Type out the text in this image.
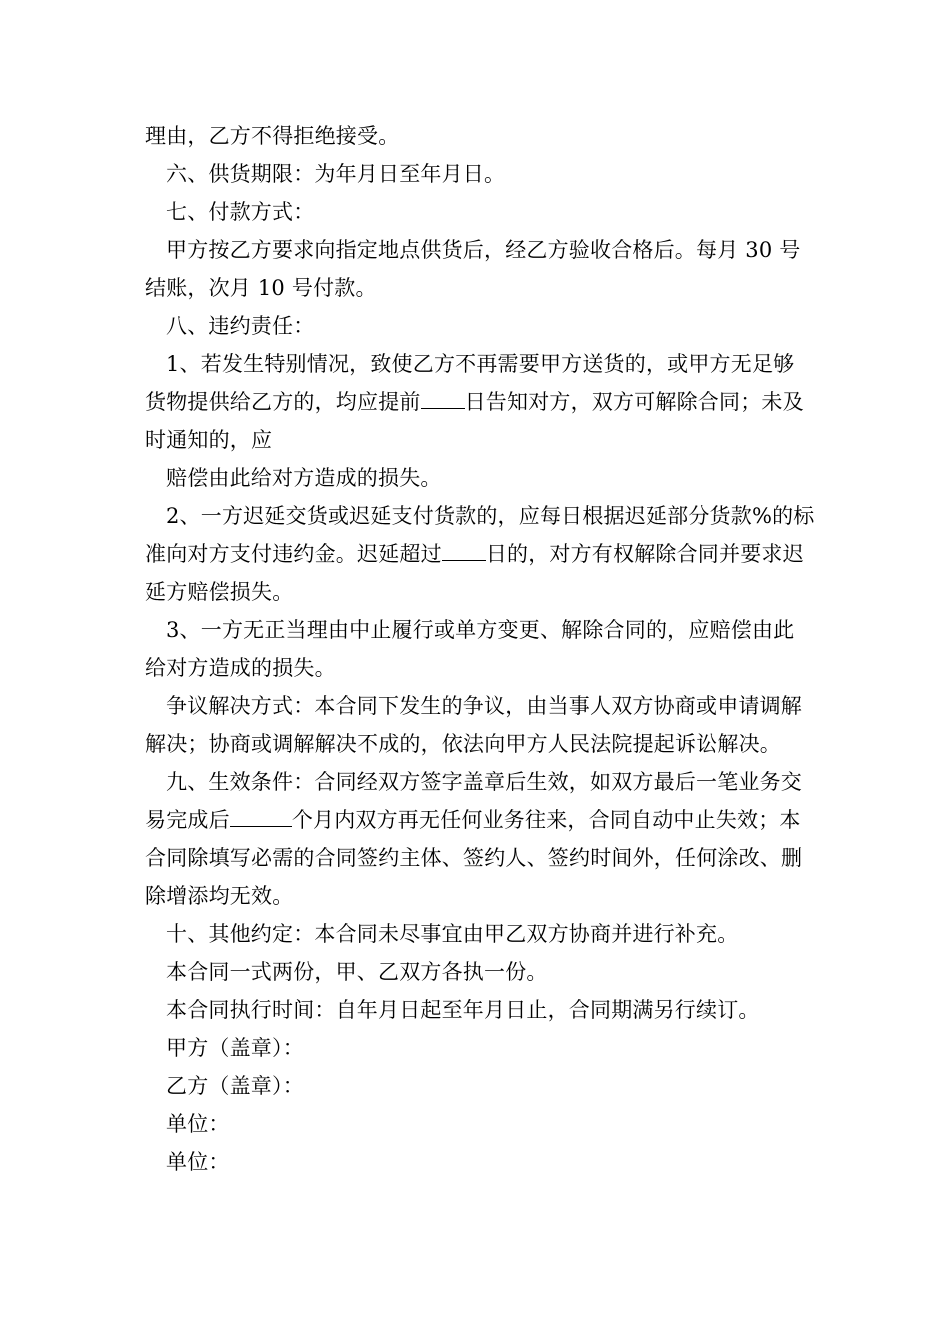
理由，乙方不得拒绝接受。

六、供货期限：为年月日至年月日。

七、付款方式：

甲方按乙方要求向指定地点供货后，经乙方验收合格后。每月 30 号结账，次月 10 号付款。

八、违约责任：

1、若发生特别情况，致使乙方不再需要甲方送货的，或甲方无足够货物提供给乙方的，均应提前 日告知对方，双方可解除合同；未及时通知的，应

赔偿由此给对方造成的损失。

2、一方迟延交货或迟延支付货款的，应每日根据迟延部分货款%的标准向对方支付违约金。迟延超过 日的，对方有权解除合同并要求迟延方赔偿损失。

3、一方无正当理由中止履行或单方变更、解除合同的，应赔偿由此给对方造成的损失。

争议解决方式：本合同下发生的争议，由当事人双方协商或申请调解解决；协商或调解解决不成的，依法向甲方人民法院提起诉讼解决。

九、生效条件：合同经双方签字盖章后生效，如双方最后一笔业务交易完成后	个月内双方再无任何业务往来，合同自动中止失效；本合同除填写必需的合同签约主体、签约人、签约时间外，任何涂改、删除增添均无效。

十、其他约定：本合同未尽事宜由甲乙双方协商并进行补充。

本合同一式两份，甲、乙双方各执一份。

本合同执行时间：自年月日起至年月日止，合同期满另行续订。

甲方（盖章）：

乙方（盖章）：

单位：

单位：
